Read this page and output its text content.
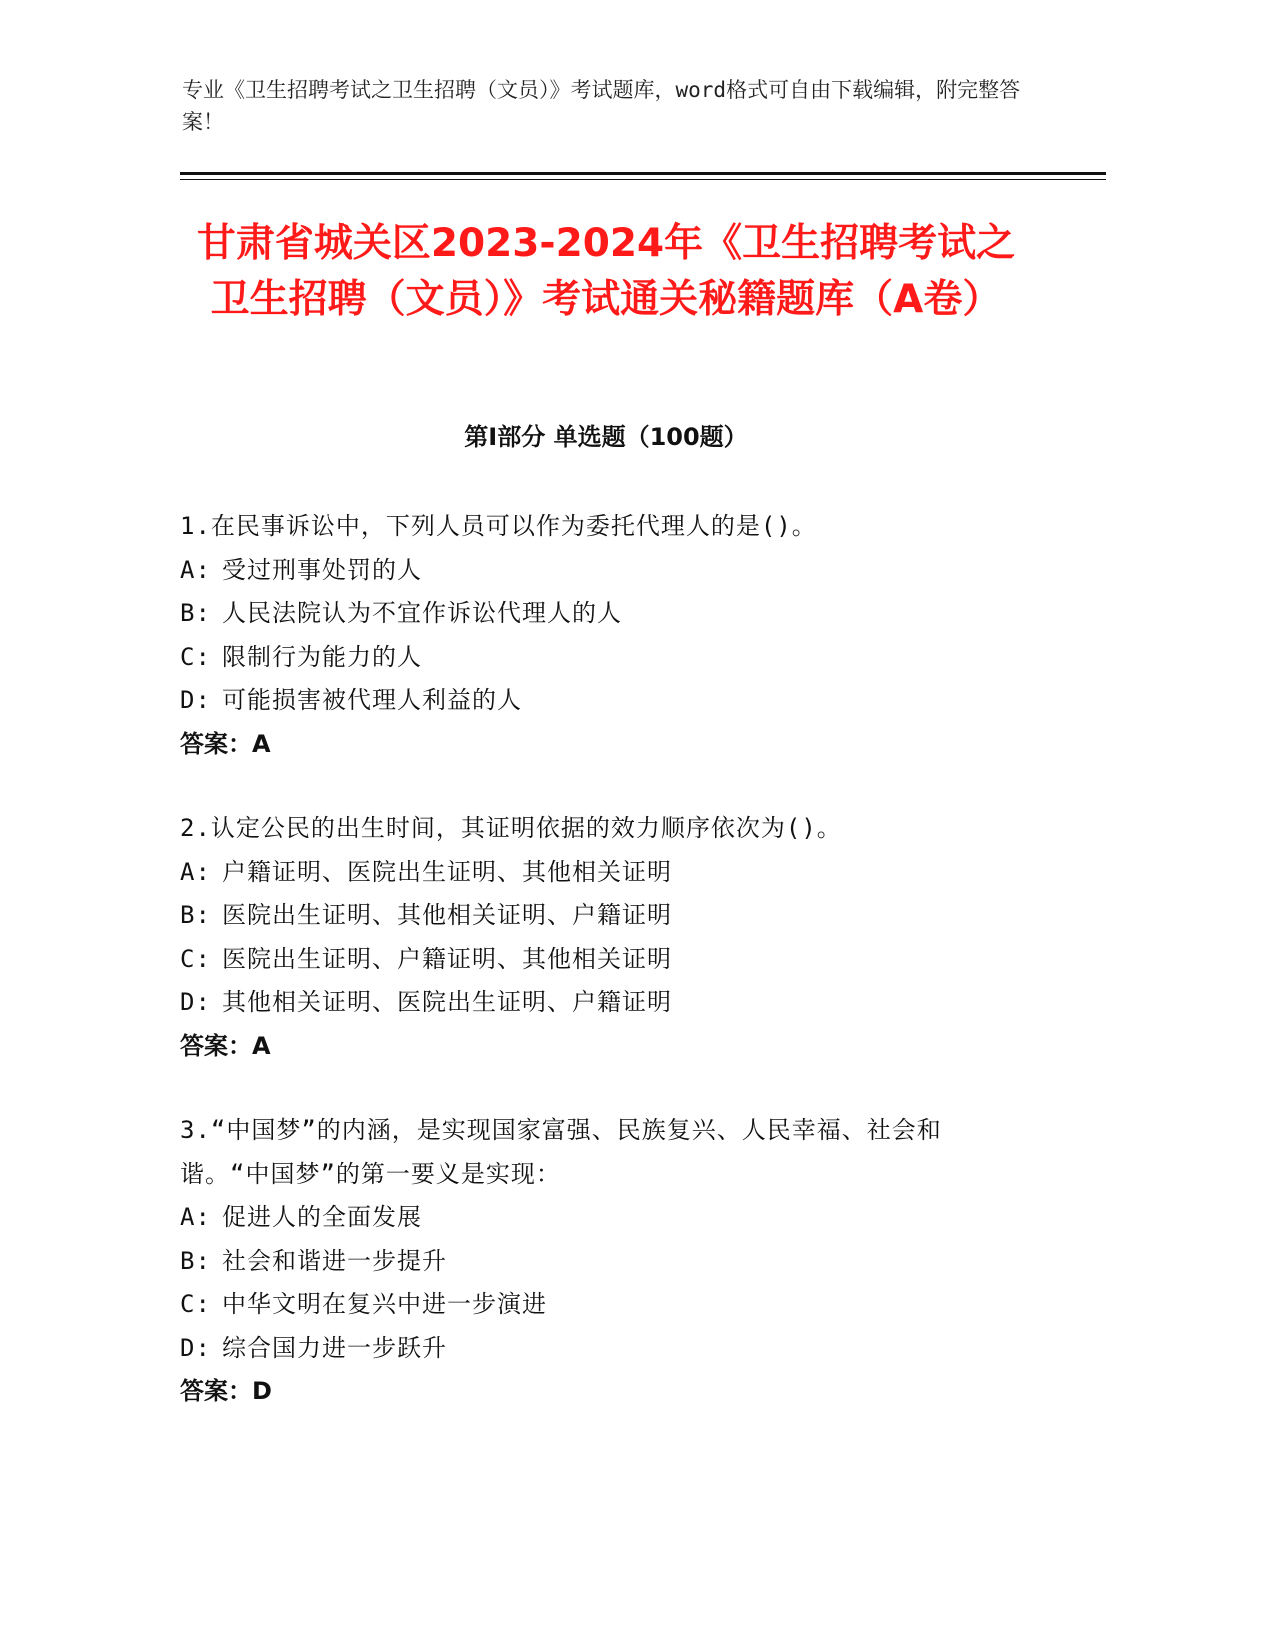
专业《卫生招聘考试之卫生招聘（文员）》考试题库，word格式可自由下载编辑，附完整答案！
甘肃省城关区2023-2024年《卫生招聘考试之卫生招聘（文员）》考试通关秘籍题库（A卷）
第I部分 单选题（100题）
1.在民事诉讼中，下列人员可以作为委托代理人的是()。
A: 受过刑事处罚的人
B: 人民法院认为不宜作诉讼代理人的人
C: 限制行为能力的人
D: 可能损害被代理人利益的人
答案：A
2.认定公民的出生时间，其证明依据的效力顺序依次为()。
A: 户籍证明、医院出生证明、其他相关证明
B: 医院出生证明、其他相关证明、户籍证明
C: 医院出生证明、户籍证明、其他相关证明
D: 其他相关证明、医院出生证明、户籍证明
答案：A
3.“中国梦”的内涵，是实现国家富强、民族复兴、人民幸福、社会和谐。“中国梦”的第一要义是实现：
A: 促进人的全面发展
B: 社会和谐进一步提升
C: 中华文明在复兴中进一步演进
D: 综合国力进一步跃升
答案：D
